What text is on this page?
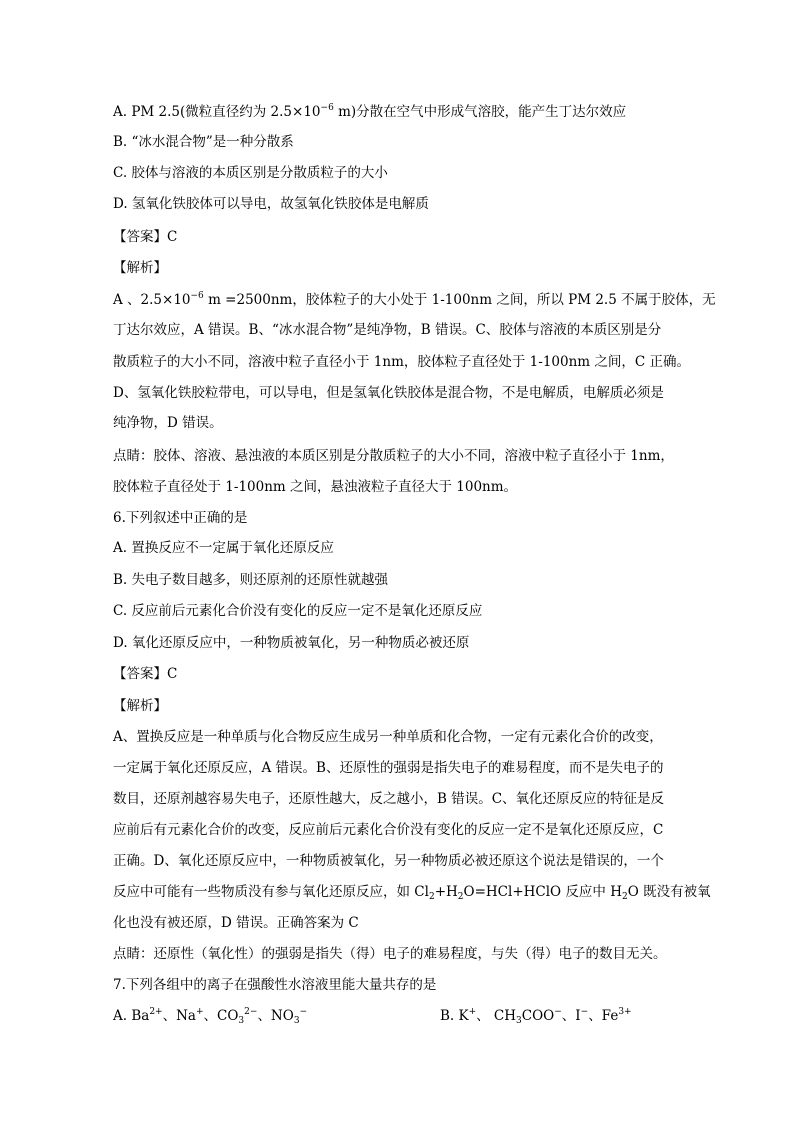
A. PM 2.5(微粒直径约为 $2.5\times 10^{-6}$ m)分散在空气中形成气溶胶，能产生丁达尔效应
B. “冰水混合物”是一种分散系
C. 胶体与溶液的本质区别是分散质粒子的大小
D. 氢氧化铁胶体可以导电，故氢氧化铁胶体是电解质
【答案】C
【解析】
A 、$2.5\times 10^{-6}$ m =2500nm，胶体粒子的大小处于 1-100nm 之间，所以 PM 2.5 不属于胶体，无
丁达尔效应，A 错误。B、“冰水混合物”是纯净物，B 错误。C、胶体与溶液的本质区别是分
散质粒子的大小不同，溶液中粒子直径小于 1nm，胶体粒子直径处于 1-100nm 之间，C 正确。
D、氢氧化铁胶粒带电，可以导电，但是氢氧化铁胶体是混合物，不是电解质，电解质必须是
纯净物，D 错误。
点睛：胶体、溶液、悬浊液的本质区别是分散质粒子的大小不同，溶液中粒子直径小于 1nm，
胶体粒子直径处于 1-100nm 之间，悬浊液粒子直径大于 100nm。
6.下列叙述中正确的是
A. 置换反应不一定属于氧化还原反应
B. 失电子数目越多，则还原剂的还原性就越强
C. 反应前后元素化合价没有变化的反应一定不是氧化还原反应
D. 氧化还原反应中，一种物质被氧化，另一种物质必被还原
【答案】C
【解析】
A、置换反应是一种单质与化合物反应生成另一种单质和化合物，一定有元素化合价的改变，
一定属于氧化还原反应，A 错误。B、还原性的强弱是指失电子的难易程度，而不是失电子的
数目，还原剂越容易失电子，还原性越大，反之越小，B 错误。C、氧化还原反应的特征是反
应前后有元素化合价的改变，反应前后元素化合价没有变化的反应一定不是氧化还原反应，C
正确。D、氧化还原反应中，一种物质被氧化，另一种物质必被还原这个说法是错误的，一个
反应中可能有一些物质没有参与氧化还原反应，如 $Cl_2+H_2O=HCl+HClO$ 反应中 $H_2O$ 既没有被氧
化也没有被还原，D 错误。正确答案为 C
点睛：还原性（氧化性）的强弱是指失（得）电子的难易程度，与失（得）电子的数目无关。
7.下列各组中的离子在强酸性水溶液里能大量共存的是
A. $Ba^{2+}$、Na+、$CO_3^{2-}$、$NO_3^-$	B. K+、 $CH_3COO^-$、I−、$Fe^{3+}$
